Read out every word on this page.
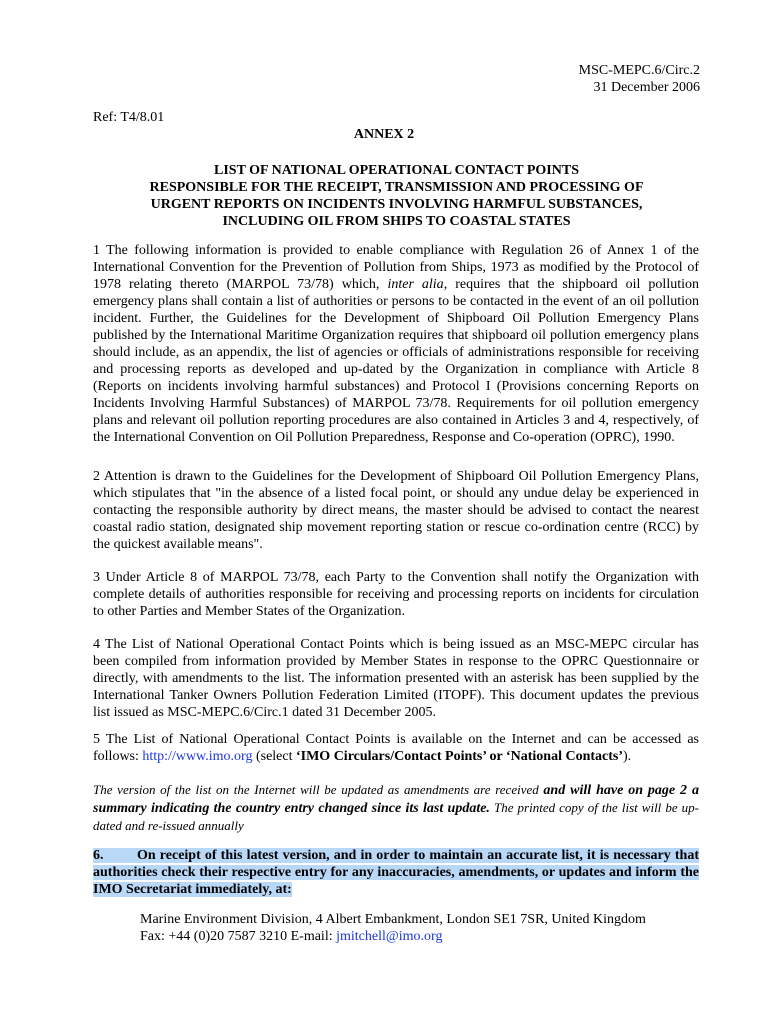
MSC-MEPC.6/Circ.2
31 December 2006
Ref: T4/8.01
ANNEX 2
LIST OF NATIONAL OPERATIONAL CONTACT POINTS
RESPONSIBLE FOR THE RECEIPT, TRANSMISSION AND PROCESSING OF
URGENT REPORTS ON INCIDENTS INVOLVING HARMFUL SUBSTANCES,
INCLUDING OIL FROM SHIPS TO COASTAL STATES
1 The following information is provided to enable compliance with Regulation 26 of Annex 1 of the International Convention for the Prevention of Pollution from Ships, 1973 as modified by the Protocol of 1978 relating thereto (MARPOL 73/78) which, inter alia, requires that the shipboard oil pollution emergency plans shall contain a list of authorities or persons to be contacted in the event of an oil pollution incident. Further, the Guidelines for the Development of Shipboard Oil Pollution Emergency Plans published by the International Maritime Organization requires that shipboard oil pollution emergency plans should include, as an appendix, the list of agencies or officials of administrations responsible for receiving and processing reports as developed and up-dated by the Organization in compliance with Article 8 (Reports on incidents involving harmful substances) and Protocol I (Provisions concerning Reports on Incidents Involving Harmful Substances) of MARPOL 73/78. Requirements for oil pollution emergency plans and relevant oil pollution reporting procedures are also contained in Articles 3 and 4, respectively, of the International Convention on Oil Pollution Preparedness, Response and Co-operation (OPRC), 1990.
2 Attention is drawn to the Guidelines for the Development of Shipboard Oil Pollution Emergency Plans, which stipulates that "in the absence of a listed focal point, or should any undue delay be experienced in contacting the responsible authority by direct means, the master should be advised to contact the nearest coastal radio station, designated ship movement reporting station or rescue co-ordination centre (RCC) by the quickest available means".
3 Under Article 8 of MARPOL 73/78, each Party to the Convention shall notify the Organization with complete details of authorities responsible for receiving and processing reports on incidents for circulation to other Parties and Member States of the Organization.
4 The List of National Operational Contact Points which is being issued as an MSC-MEPC circular has been compiled from information provided by Member States in response to the OPRC Questionnaire or directly, with amendments to the list. The information presented with an asterisk has been supplied by the International Tanker Owners Pollution Federation Limited (ITOPF). This document updates the previous list issued as MSC-MEPC.6/Circ.1 dated 31 December 2005.
5 The List of National Operational Contact Points is available on the Internet and can be accessed as follows: http://www.imo.org (select ‘IMO Circulars/Contact Points’ or ‘National Contacts’).
The version of the list on the Internet will be updated as amendments are received and will have on page 2 a summary indicating the country entry changed since its last update. The printed copy of the list will be up-dated and re-issued annually
6. On receipt of this latest version, and in order to maintain an accurate list, it is necessary that authorities check their respective entry for any inaccuracies, amendments, or updates and inform the IMO Secretariat immediately, at:
Marine Environment Division, 4 Albert Embankment, London SE1 7SR, United Kingdom
Fax: +44 (0)20 7587 3210 E-mail: jmitchell@imo.org
